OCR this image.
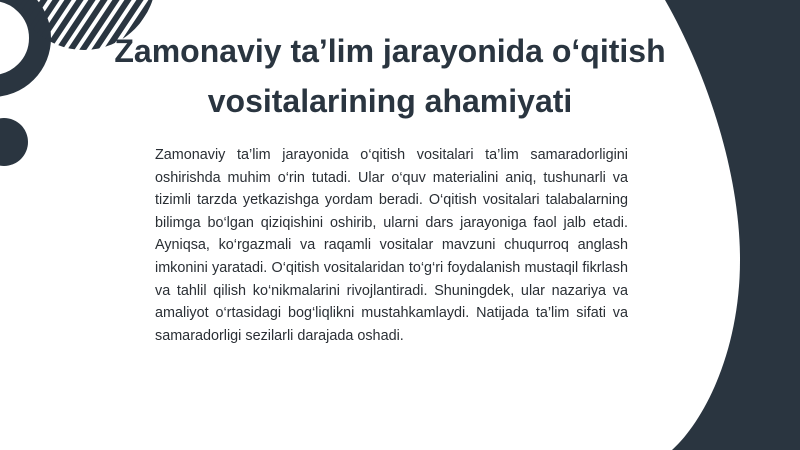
Zamonaviy ta’lim jarayonida o‘qitish vositalarining ahamiyati

Zamonaviy ta’lim jarayonida o‘qitish vositalari ta’lim samaradorligini oshirishda muhim o‘rin tutadi. Ular o‘quv materialini aniq, tushunarli va tizimli tarzda yetkazishga yordam beradi. O‘qitish vositalari talabalarning bilimga bo‘lgan qiziqishini oshirib, ularni dars jarayoniga faol jalb etadi. Ayniqsa, ko‘rgazmali va raqamli vositalar mavzuni chuqurroq anglash imkonini yaratadi. O‘qitish vositalaridan to‘g‘ri foydalanish mustaqil fikrlash va tahlil qilish ko‘nikmalarini rivojlantiradi. Shuningdek, ular nazariya va amaliyot o‘rtasidagi bog‘liqlikni mustahkamlaydi. Natijada ta’lim sifati va samaradorligi sezilarli darajada oshadi.
